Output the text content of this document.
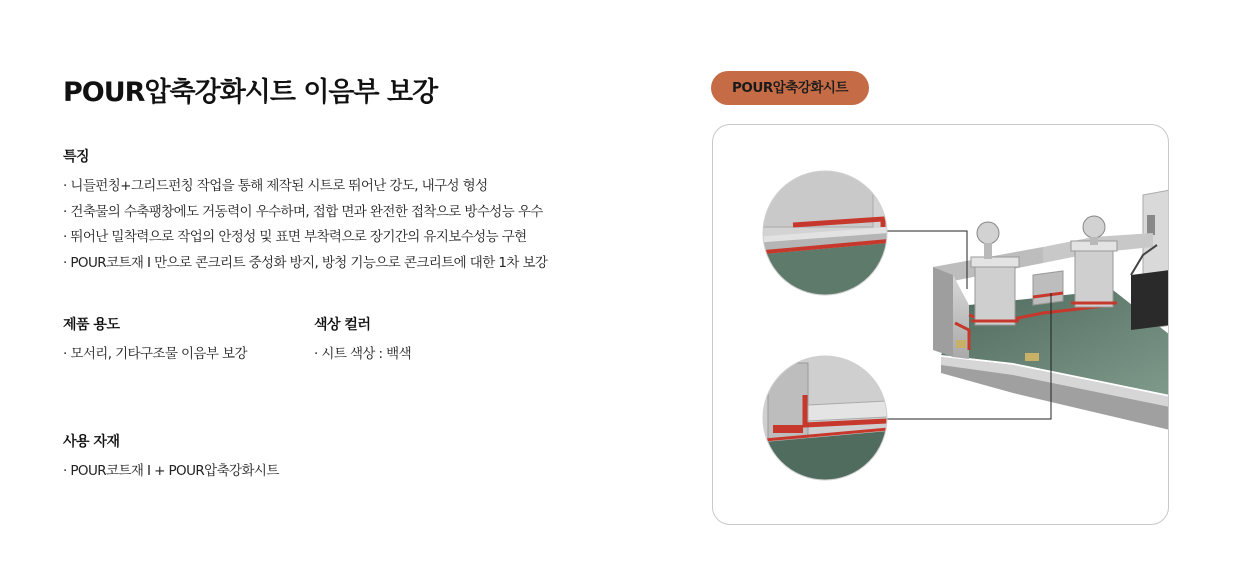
POUR압축강화시트 이음부 보강
특징
· 니들펀칭+그리드펀칭 작업을 통해 제작된 시트로 뛰어난 강도, 내구성 형성
· 건축물의 수축팽창에도 거동력이 우수하며, 접합 면과 완전한 접착으로 방수성능 우수
· 뛰어난 밀착력으로 작업의 안정성 및 표면 부착력으로 장기간의 유지보수성능 구현
· POUR코트재 I 만으로 콘크리트 중성화 방지, 방청 기능으로 콘크리트에 대한 1차 보강
제품 용도
· 모서리, 기타구조물 이음부 보강
색상 컬러
· 시트 색상 : 백색
사용 자재
· POUR코트재 I + POUR압축강화시트
POUR압축강화시트
